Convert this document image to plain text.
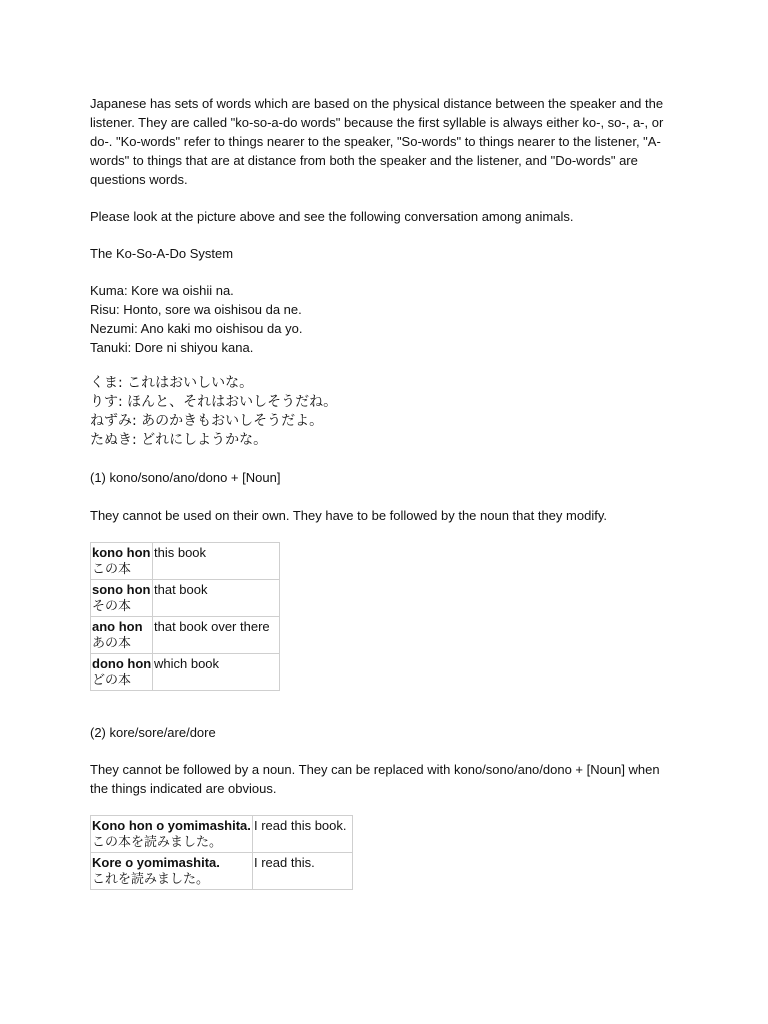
Japanese has sets of words which are based on the physical distance between the speaker and the listener. They are called "ko-so-a-do words" because the first syllable is always either ko-, so-, a-, or do-. "Ko-words" refer to things nearer to the speaker, "So-words" to things nearer to the listener, "A-words" to things that are at distance from both the speaker and the listener, and "Do-words" are questions words.

Please look at the picture above and see the following conversation among animals.

The Ko-So-A-Do System

Kuma: Kore wa oishii na.

Risu: Honto, sore wa oishisou da ne.

Nezumi: Ano kaki mo oishisou da yo.

Tanuki: Dore ni shiyou kana.

くま: これはおいしいな。

りす: ほんと、それはおいしそうだね。

ねずみ: あのかきもおいしそうだよ。

たぬき: どれにしようかな。

(1) kono/sono/ano/dono + [Noun]

They cannot be used on their own. They have to be followed by the noun that they modify.

kono hon
この本	this book

sono hon
その本	that book

ano hon
あの本	that book over there

dono hon
どの本	which book

(2) kore/sore/are/dore

They cannot be followed by a noun. They can be replaced with kono/sono/ano/dono + [Noun] when the things indicated are obvious.

Kono hon o yomimashita.
この本を読みました。	I read this book.

Kore o yomimashita.
これを読みました。	I read this.
